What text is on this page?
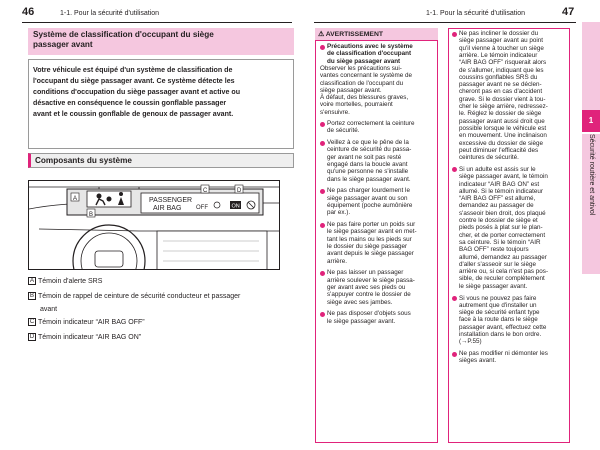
46	1-1. Pour la sécurité d'utilisation	1-1. Pour la sécurité d'utilisation	47
Système de classification d'occupant du siège
passager avant
Votre véhicule est équipé d'un système de classification de
l'occupant du siège passager avant. Ce système détecte les
conditions d'occupation du siège passager avant et active ou
désactive en conséquence le coussin gonflable passager
avant et le coussin gonflable de genoux de passager avant.
Composants du système
PASSENGER
AIR BAG OFF	ON
A
B
C	D
A Témoin d'alerte SRS
B Témoin de rappel de ceinture de sécurité conducteur et passager
avant
C Témoin indicateur “AIR BAG OFF”
D Témoin indicateur “AIR BAG ON”
⚠ AVERTISSEMENT
Précautions avec le système
de classification d'occupant
du siège passager avant
Observer les précautions sui-
vantes concernant le système de
classification de l'occupant du
siège passager avant.
À défaut, des blessures graves,
voire mortelles, pourraient
s'ensuivre.
Portez correctement la ceinture
de sécurité.
Veillez à ce que le pêne de la
ceinture de sécurité du passa-
ger avant ne soit pas resté
engagé dans la boucle avant
qu'une personne ne s'installe
dans le siège passager avant.
Ne pas charger lourdement le
siège passager avant ou son
équipement (poche aumônière
par ex.).
Ne pas faire porter un poids sur
le siège passager avant en met-
tant les mains ou les pieds sur
le dossier du siège passager
avant depuis le siège passager
arrière.
Ne pas laisser un passager
arrière soulever le siège passa-
ger avant avec ses pieds ou
s'appuyer contre le dossier de
siège avec ses jambes.
Ne pas disposer d'objets sous
le siège passager avant.
Ne pas incliner le dossier du
siège passager avant au point
qu'il vienne à toucher un siège
arrière. Le témoin indicateur
“AIR BAG OFF” risquerait alors
de s'allumer, indiquant que les
coussins gonflables SRS du
passager avant ne se déclen-
cheront pas en cas d'accident
grave. Si le dossier vient à tou-
cher le siège arrière, redressez-
le. Réglez le dossier de siège
passager avant aussi droit que
possible lorsque le véhicule est
en mouvement. Une inclinaison
excessive du dossier de siège
peut diminuer l'efficacité des
ceintures de sécurité.
Si un adulte est assis sur le
siège passager avant, le témoin
indicateur “AIR BAG ON” est
allumé. Si le témoin indicateur
“AIR BAG OFF” est allumé,
demandez au passager de
s'asseoir bien droit, dos plaqué
contre le dossier de siège et
pieds posés à plat sur le plan-
cher, et de porter correctement
sa ceinture. Si le témoin “AIR
BAG OFF” reste toujours
allumé, demandez au passager
d'aller s'asseoir sur le siège
arrière ou, si cela n'est pas pos-
sible, de reculer complètement
le siège passager avant.
Si vous ne pouvez pas faire
autrement que d'installer un
siège de sécurité enfant type
face à la route dans le siège
passager avant, effectuez cette
installation dans le bon ordre.
(→P.55)
Ne pas modifier ni démonter les
sièges avant.
1
Sécurité routière et antivol
